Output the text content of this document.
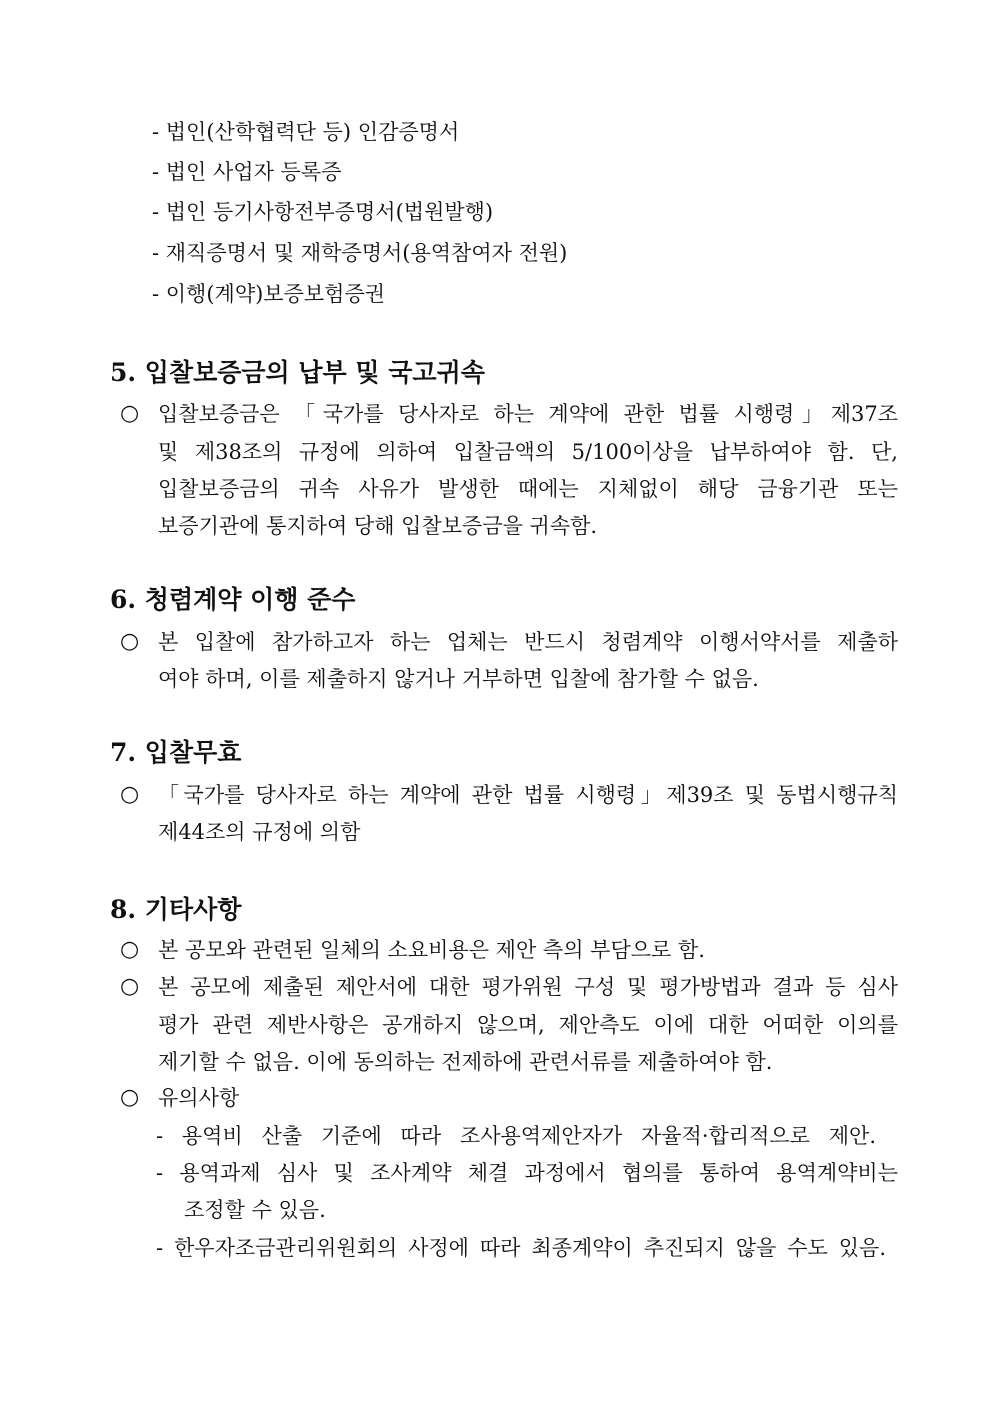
- 법인(산학협력단 등) 인감증명서
- 법인 사업자 등록증
- 법인 등기사항전부증명서(법원발행)
- 재직증명서 및 재학증명서(용역참여자 전원)
- 이행(계약)보증보험증권
5. 입찰보증금의 납부 및 국고귀속
○ 입찰보증금은 「국가를 당사자로 하는 계약에 관한 법률 시행령」제37조
및 제38조의 규정에 의하여 입찰금액의 5/100이상을 납부하여야 함. 단,
입찰보증금의 귀속 사유가 발생한 때에는 지체없이 해당 금융기관 또는
보증기관에 통지하여 당해 입찰보증금을 귀속함.
6. 청렴계약 이행 준수
○ 본 입찰에 참가하고자 하는 업체는 반드시 청렴계약 이행서약서를 제출하
여야 하며, 이를 제출하지 않거나 거부하면 입찰에 참가할 수 없음.
7. 입찰무효
○ 「국가를 당사자로 하는 계약에 관한 법률 시행령」제39조 및 동법시행규칙
제44조의 규정에 의함
8. 기타사항
○ 본 공모와 관련된 일체의 소요비용은 제안 측의 부담으로 함.
○ 본 공모에 제출된 제안서에 대한 평가위원 구성 및 평가방법과 결과 등 심사
평가 관련 제반사항은 공개하지 않으며, 제안측도 이에 대한 어떠한 이의를
제기할 수 없음. 이에 동의하는 전제하에 관련서류를 제출하여야 함.
○ 유의사항
- 용역비 산출 기준에 따라 조사용역제안자가 자율적·합리적으로 제안.
- 용역과제 심사 및 조사계약 체결 과정에서 협의를 통하여 용역계약비는
조정할 수 있음.
- 한우자조금관리위원회의 사정에 따라 최종계약이 추진되지 않을 수도 있음.
